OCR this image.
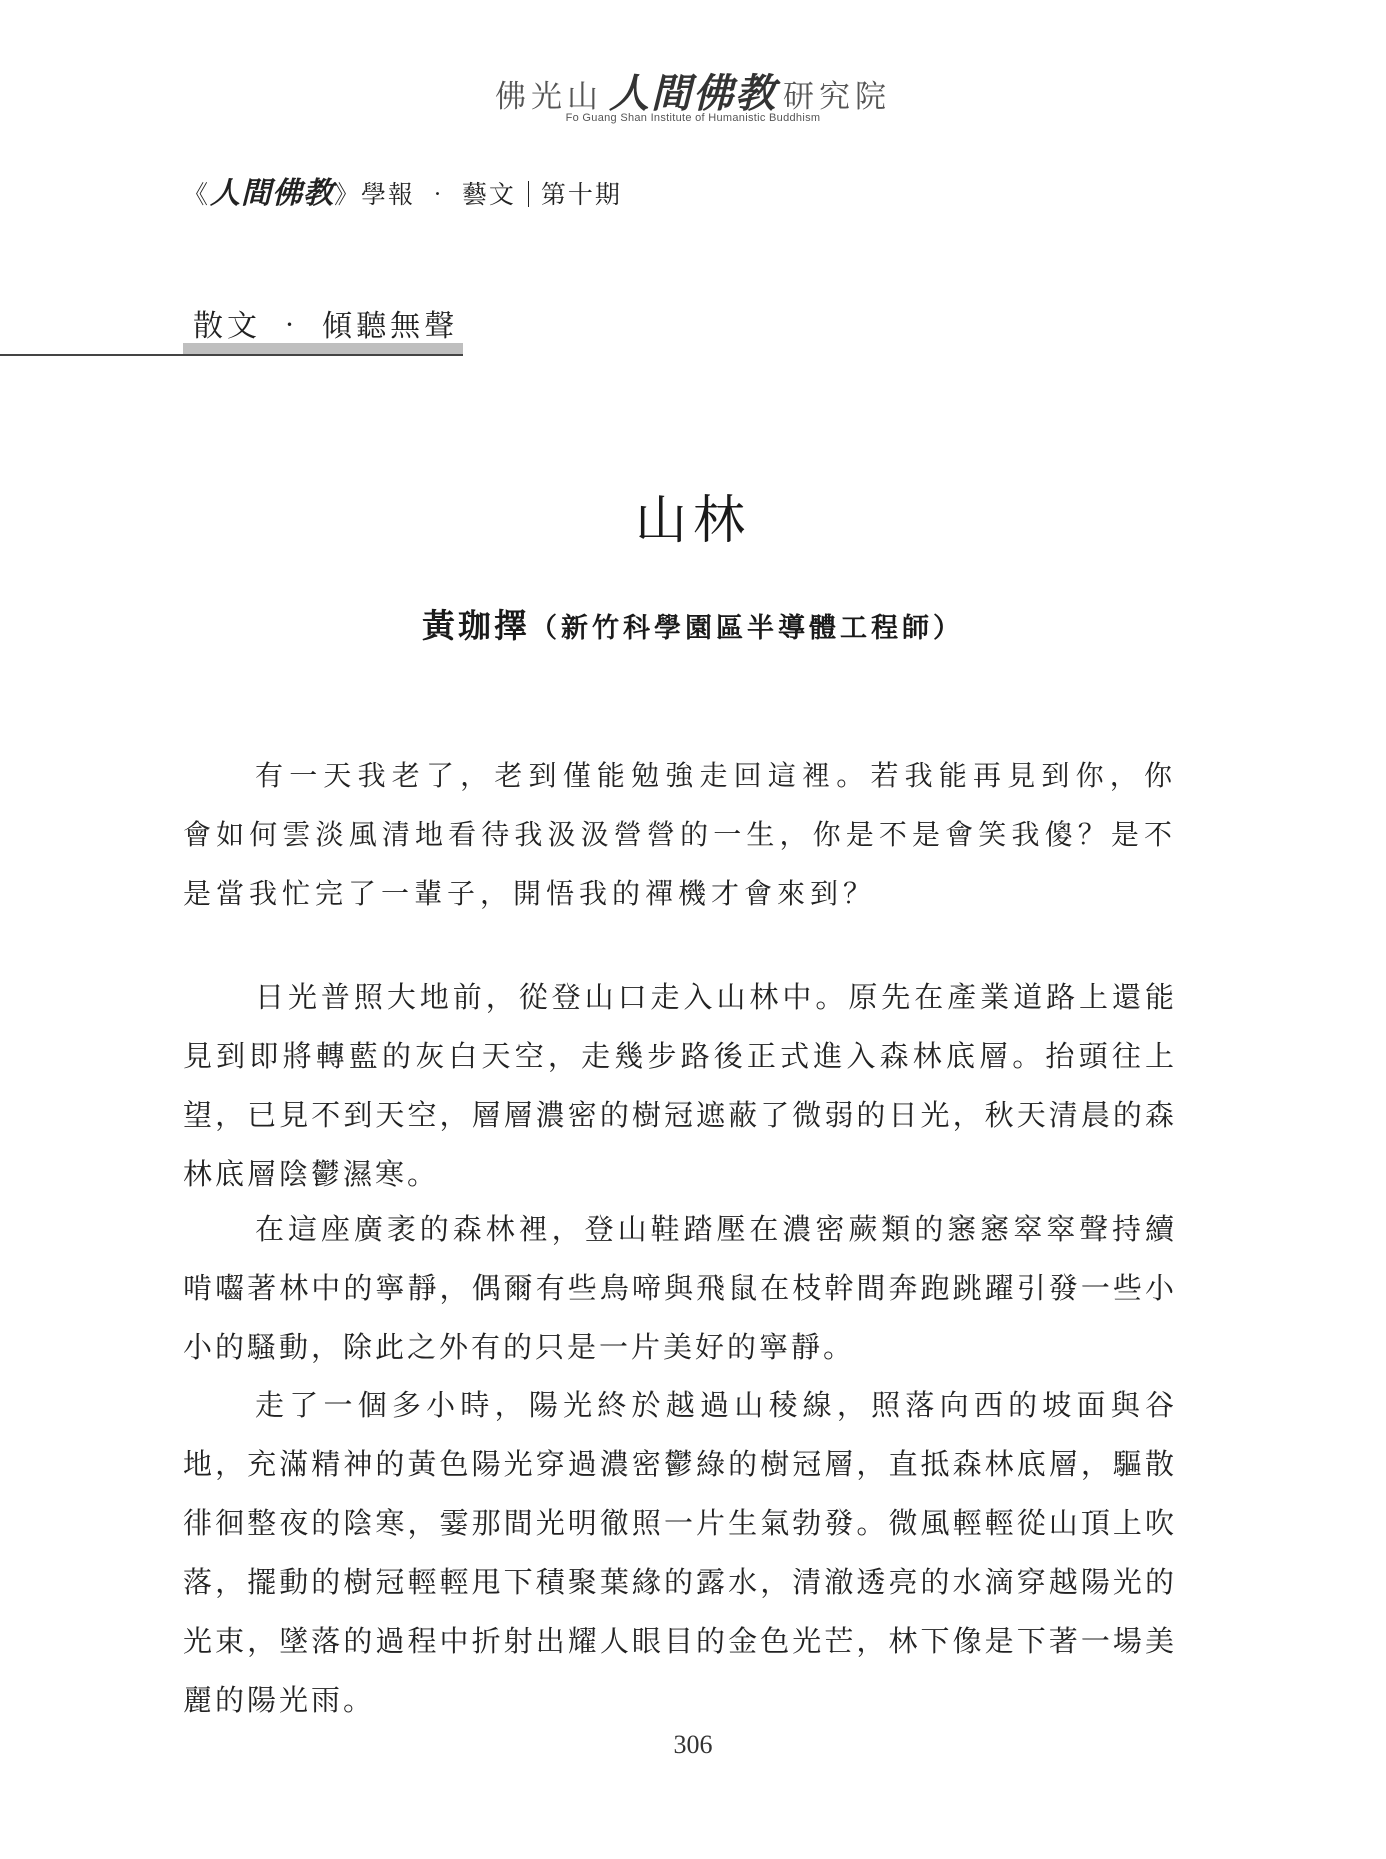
佛光山 人間佛教 研究院
Fo Guang Shan Institute of Humanistic Buddhism
《人間佛教》學報 ‧ 藝文 第十期
散文 ‧ 傾聽無聲
山林
黃珈擇（新竹科學園區半導體工程師）

有一天我老了，老到僅能勉強走回這裡。若我能再見到你，你會如何雲淡風清地看待我汲汲營營的一生，你是不是會笑我傻？是不是當我忙完了一輩子，開悟我的禪機才會來到？

日光普照大地前，從登山口走入山林中。原先在產業道路上還能見到即將轉藍的灰白天空，走幾步路後正式進入森林底層。抬頭往上望，已見不到天空，層層濃密的樹冠遮蔽了微弱的日光，秋天清晨的森林底層陰鬱濕寒。

在這座廣袤的森林裡，登山鞋踏壓在濃密蕨類的窸窸窣窣聲持續啃囓著林中的寧靜，偶爾有些鳥啼與飛鼠在枝幹間奔跑跳躍引發一些小小的騷動，除此之外有的只是一片美好的寧靜。

走了一個多小時，陽光終於越過山稜線，照落向西的坡面與谷地，充滿精神的黃色陽光穿過濃密鬱綠的樹冠層，直抵森林底層，驅散徘徊整夜的陰寒，霎那間光明徹照一片生氣勃發。微風輕輕從山頂上吹落，擺動的樹冠輕輕甩下積聚葉緣的露水，清澈透亮的水滴穿越陽光的光束，墜落的過程中折射出耀人眼目的金色光芒，林下像是下著一場美麗的陽光雨。

306
